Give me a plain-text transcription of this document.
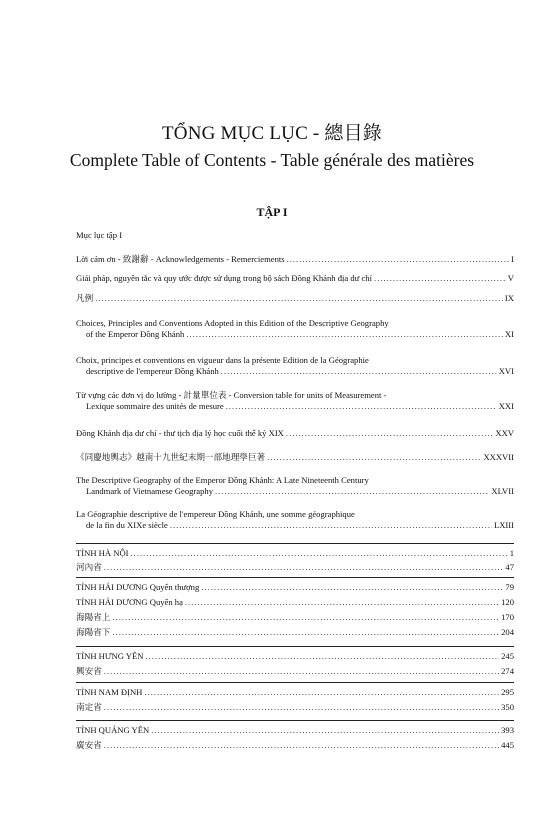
TỔNG MỤC LỤC - 總目錄
Complete Table of Contents - Table générale des matières
TẬP I
Mục lục tập I
Lời cảm ơn - 致謝辭 - Acknowledgements - Remerciements .....	I
Giải pháp, nguyên tắc và quy ước được sử dụng trong bộ sách Đồng Khánh địa dư chí .....	V
凡例 .....	IX
Choices, Principles and Conventions Adopted in this Edition of the Descriptive Geography
of the Emperor Đồng Khánh .....	XI
Choix, principes et conventions en vigueur dans la présente Edition de la Géographie
descriptive de l'empereur Đồng Khánh .....	XVI
Từ vựng các đơn vị đo lường - 計量單位表 - Conversion table for units of Measurement -
Lexique sommaire des unités de mesure .....	XXI
Đồng Khánh địa dư chí - thư tịch địa lý học cuối thế kỷ XIX .....	XXV
《同慶地輿志》越南十九世紀末期一部地理學巨著 .....	XXXVII
The Descriptive Geography of the Emperor Đồng Khánh: A Late Nineteenth Century
Landmark of Vietnamese Geography .....	XLVII
La Géographie descriptive de l'empereur Đồng Khánh, une somme géographique
de la fin du XIXe siècle .....	LXIII
TỈNH HÀ NỘI .....	1
河內省 .....	47
TỈNH HẢI DƯƠNG Quyển thượng .....	79
TỈNH HẢI DƯƠNG Quyển hạ .....	120
海陽省上 .....	170
海陽省下 .....	204
TỈNH HƯNG YÊN .....	245
興安省 .....	274
TỈNH NAM ĐỊNH .....	295
南定省 .....	350
TỈNH QUẢNG YÊN .....	393
廣安省 .....	445
